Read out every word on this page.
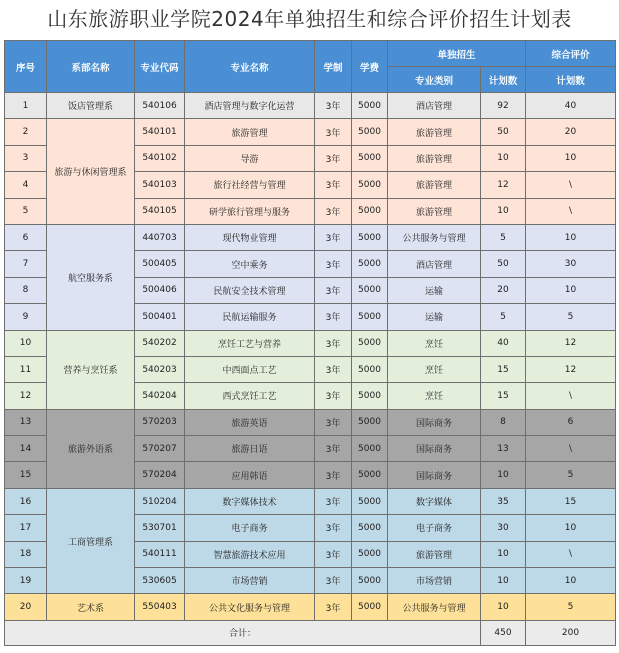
山东旅游职业学院2024年单独招生和综合评价招生计划表
序号	系部名称	专业代码	专业名称	学制	学费	单独招生		综合评价
						专业类别	计划数	计划数
1	饭店管理系	540106	酒店管理与数字化运营	3年	5000	酒店管理	92	40
2	旅游与休闲管理系	540101	旅游管理	3年	5000	旅游管理	50	20
3		540102	导游	3年	5000	旅游管理	10	10
4		540103	旅行社经营与管理	3年	5000	旅游管理	12	\
5		540105	研学旅行管理与服务	3年	5000	旅游管理	10	\
6	航空服务系	440703	现代物业管理	3年	5000	公共服务与管理	5	10
7		500405	空中乘务	3年	5000	酒店管理	50	30
8		500406	民航安全技术管理	3年	5000	运输	20	10
9		500401	民航运输服务	3年	5000	运输	5	5
10	营养与烹饪系	540202	烹饪工艺与营养	3年	5000	烹饪	40	12
11		540203	中西面点工艺	3年	5000	烹饪	15	12
12		540204	西式烹饪工艺	3年	5000	烹饪	15	\
13	旅游外语系	570203	旅游英语	3年	5000	国际商务	8	6
14		570207	旅游日语	3年	5000	国际商务	13	\
15		570204	应用韩语	3年	5000	国际商务	10	5
16	工商管理系	510204	数字媒体技术	3年	5000	数字媒体	35	15
17		530701	电子商务	3年	5000	电子商务	30	10
18		540111	智慧旅游技术应用	3年	5000	旅游管理	10	\
19		530605	市场营销	3年	5000	市场营销	10	10
20	艺术系	550403	公共文化服务与管理	3年	5000	公共服务与管理	10	5
合计：							450	200
